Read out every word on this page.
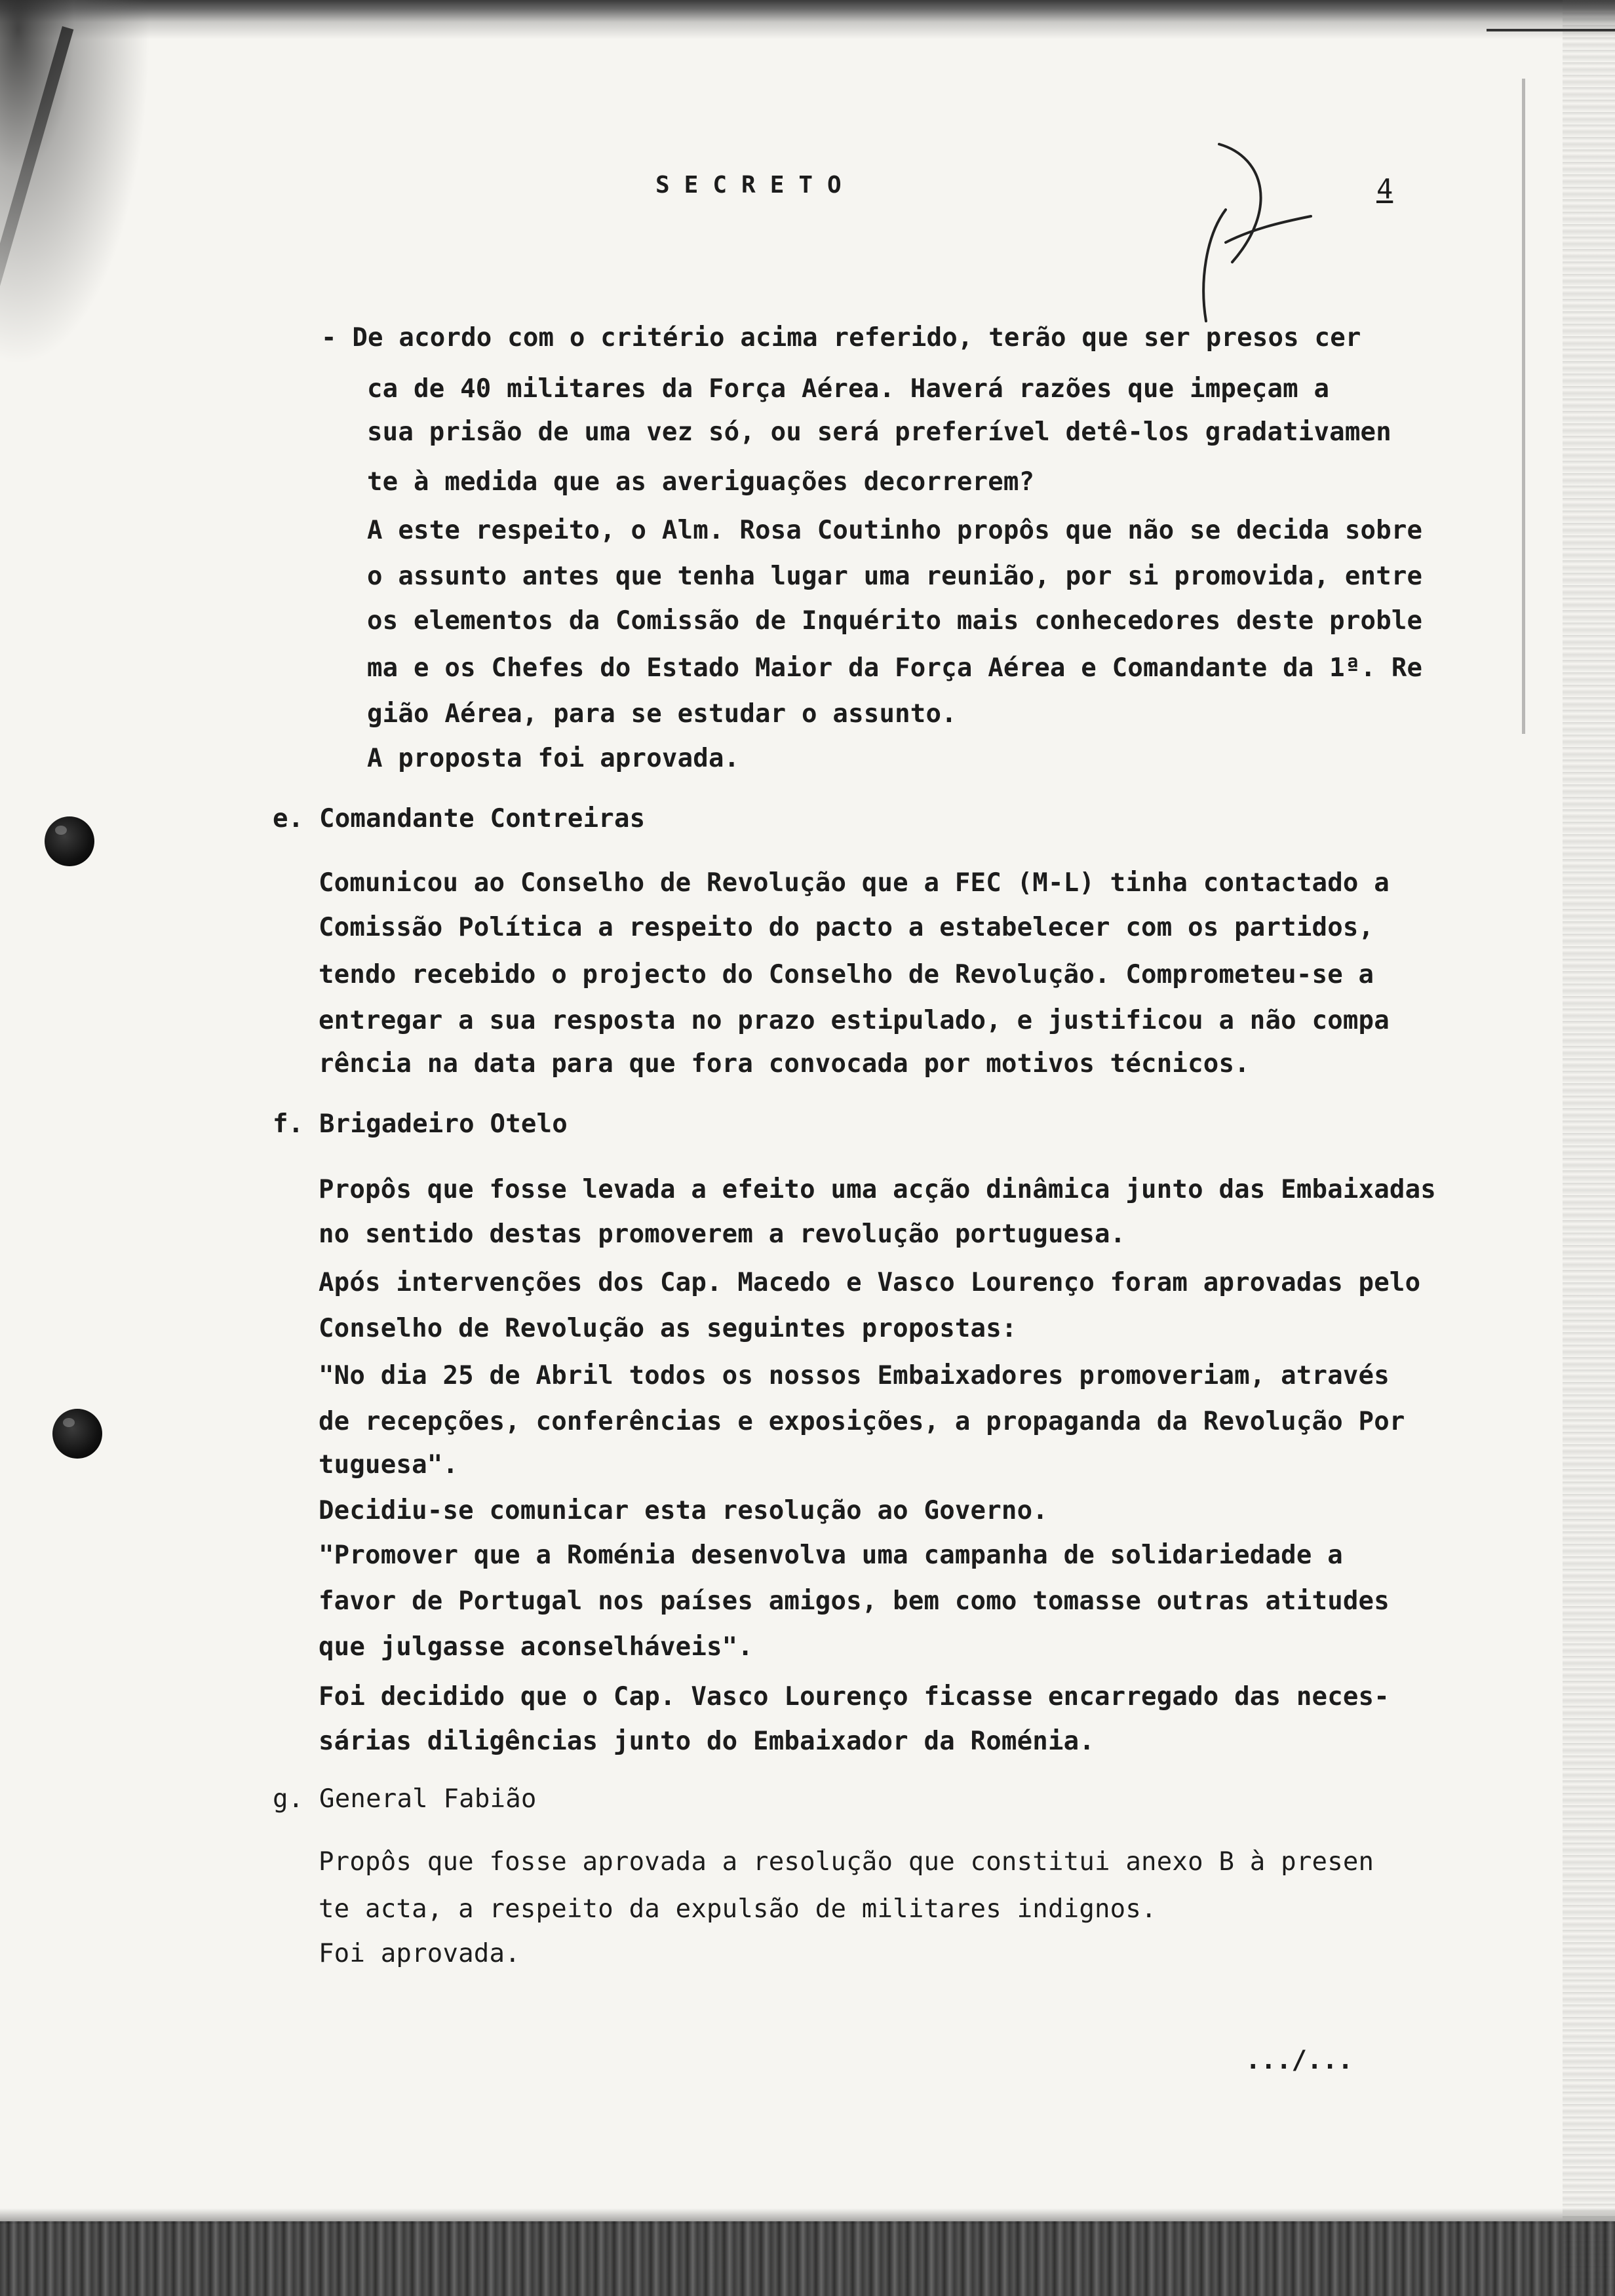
SECRETO	4
- De acordo com o critério acima referido, terão que ser presos cer
ca de 40 militares da Força Aérea. Haverá razões que impeçam a
sua prisão de uma vez só, ou será preferível detê-los gradativamen
te à medida que as averiguações decorrerem?
A este respeito, o Alm. Rosa Coutinho propôs que não se decida sobre
o assunto antes que tenha lugar uma reunião, por si promovida, entre
os elementos da Comissão de Inquérito mais conhecedores deste proble
ma e os Chefes do Estado Maior da Força Aérea e Comandante da 1ª. Re
gião Aérea, para se estudar o assunto.
A proposta foi aprovada.
e. Comandante Contreiras
Comunicou ao Conselho de Revolução que a FEC (M-L) tinha contactado a
Comissão Política a respeito do pacto a estabelecer com os partidos,
tendo recebido o projecto do Conselho de Revolução. Comprometeu-se a
entregar a sua resposta no prazo estipulado, e justificou a não compa
rência na data para que fora convocada por motivos técnicos.
f. Brigadeiro Otelo
Propôs que fosse levada a efeito uma acção dinâmica junto das Embaixadas
no sentido destas promoverem a revolução portuguesa.
Após intervenções dos Cap. Macedo e Vasco Lourenço foram aprovadas pelo
Conselho de Revolução as seguintes propostas:
"No dia 25 de Abril todos os nossos Embaixadores promoveriam, através
de recepções, conferências e exposições, a propaganda da Revolução Por
tuguesa".
Decidiu-se comunicar esta resolução ao Governo.
"Promover que a Roménia desenvolva uma campanha de solidariedade a
favor de Portugal nos países amigos, bem como tomasse outras atitudes
que julgasse aconselháveis".
Foi decidido que o Cap. Vasco Lourenço ficasse encarregado das neces-
sárias diligências junto do Embaixador da Roménia.
g. General Fabião
Propôs que fosse aprovada a resolução que constitui anexo B à presen
te acta, a respeito da expulsão de militares indignos.
Foi aprovada.
.../...
